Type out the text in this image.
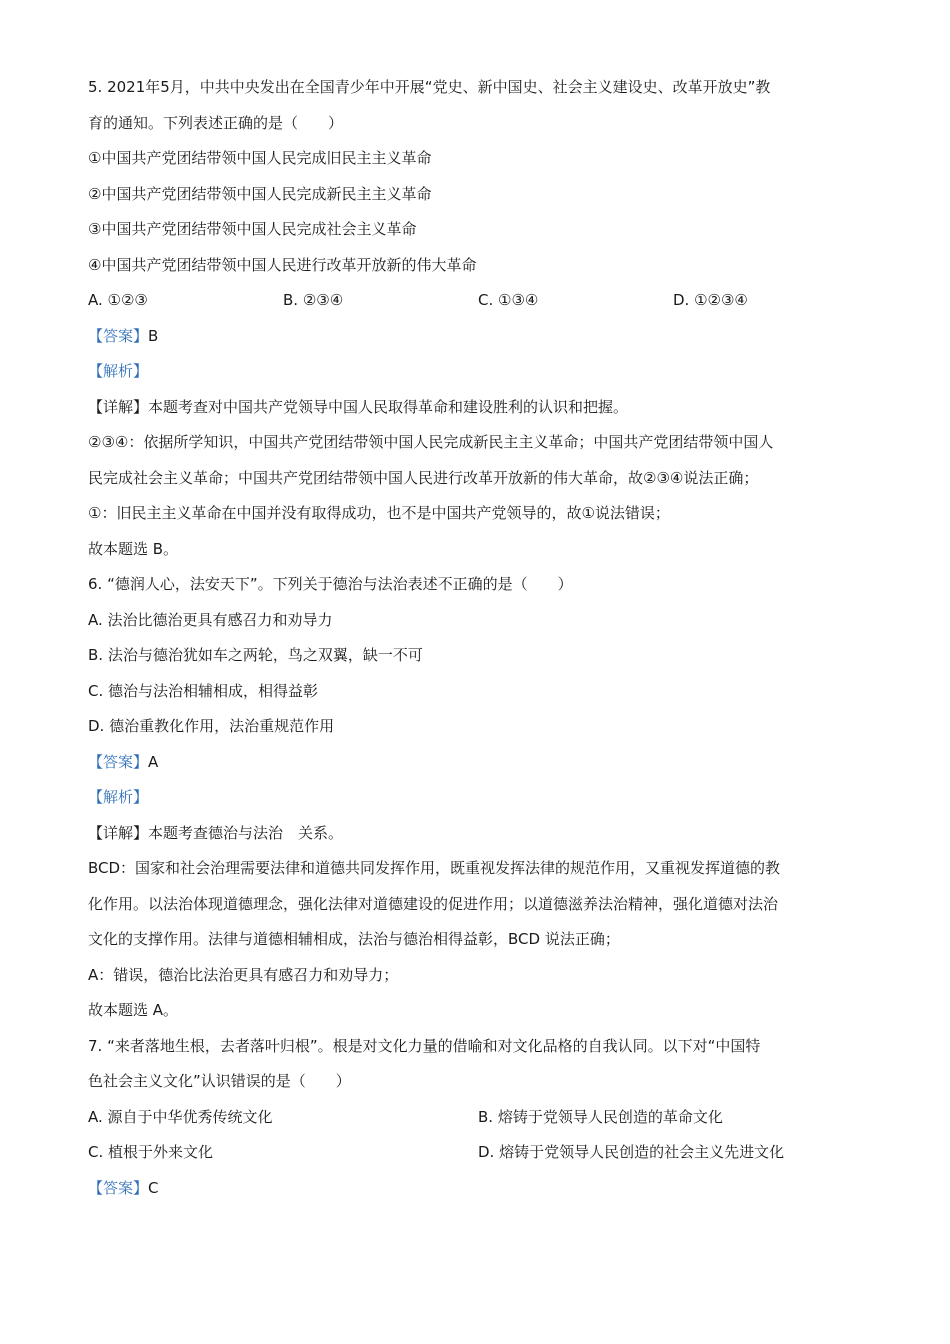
5. 2021年5月，中共中央发出在全国青少年中开展“党史、新中国史、社会主义建设史、改革开放史”教
育的通知。下列表述正确的是（　　）
①中国共产党团结带领中国人民完成旧民主主义革命
②中国共产党团结带领中国人民完成新民主主义革命
③中国共产党团结带领中国人民完成社会主义革命
④中国共产党团结带领中国人民进行改革开放新的伟大革命
A. ①②③	B. ②③④	C. ①③④	D. ①②③④
【答案】B
【解析】
【详解】本题考查对中国共产党领导中国人民取得革命和建设胜利的认识和把握。
②③④：依据所学知识，中国共产党团结带领中国人民完成新民主主义革命；中国共产党团结带领中国人
民完成社会主义革命；中国共产党团结带领中国人民进行改革开放新的伟大革命，故②③④说法正确；
①：旧民主主义革命在中国并没有取得成功，也不是中国共产党领导的，故①说法错误；
故本题选 B。
6. “德润人心，法安天下”。下列关于德治与法治表述不正确的是（　　）
A. 法治比德治更具有感召力和劝导力
B. 法治与德治犹如车之两轮，鸟之双翼，缺一不可
C. 德治与法治相辅相成，相得益彰
D. 德治重教化作用，法治重规范作用
【答案】A
【解析】
【详解】本题考查德治与法治　关系。
BCD：国家和社会治理需要法律和道德共同发挥作用，既重视发挥法律的规范作用，又重视发挥道德的教
化作用。以法治体现道德理念，强化法律对道德建设的促进作用；以道德滋养法治精神，强化道德对法治
文化的支撑作用。法律与道德相辅相成，法治与德治相得益彰，BCD 说法正确；
A：错误，德治比法治更具有感召力和劝导力；
故本题选 A。
7. “来者落地生根，去者落叶归根”。根是对文化力量的借喻和对文化品格的自我认同。以下对“中国特
色社会主义文化”认识错误的是（　　）
A. 源自于中华优秀传统文化	B. 熔铸于党领导人民创造的革命文化
C. 植根于外来文化	D. 熔铸于党领导人民创造的社会主义先进文化
【答案】C
